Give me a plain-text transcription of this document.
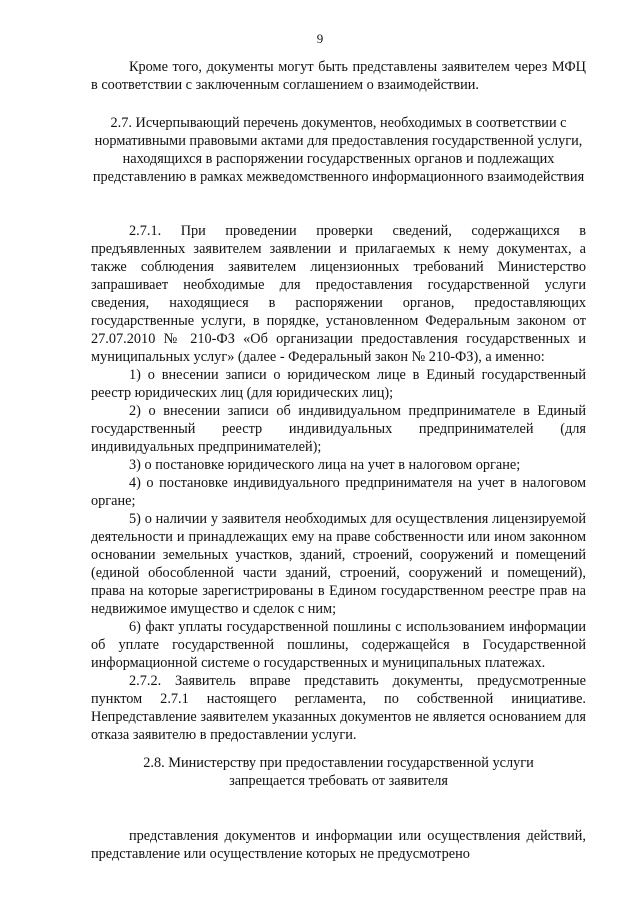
9

Кроме того, документы могут быть представлены заявителем через МФЦ в соответствии с заключенным соглашением о взаимодействии.

2.7. Исчерпывающий перечень документов, необходимых в соответствии с нормативными правовыми актами для предоставления государственной услуги, находящихся в распоряжении государственных органов и подлежащих представлению в рамках межведомственного информационного взаимодействия

2.7.1. При проведении проверки сведений, содержащихся в предъявленных заявителем заявлении и прилагаемых к нему документах, а также соблюдения заявителем лицензионных требований Министерство запрашивает необходимые для предоставления государственной услуги сведения, находящиеся в распоряжении органов, предоставляющих государственные услуги, в порядке, установленном Федеральным законом от 27.07.2010 № 210-ФЗ «Об организации предоставления государственных и муниципальных услуг» (далее - Федеральный закон № 210-ФЗ), а именно:

1) о внесении записи о юридическом лице в Единый государственный реестр юридических лиц (для юридических лиц);

2) о внесении записи об индивидуальном предпринимателе в Единый государственный реестр индивидуальных предпринимателей (для индивидуальных предпринимателей);

3) о постановке юридического лица на учет в налоговом органе;

4) о постановке индивидуального предпринимателя на учет в налоговом органе;

5) о наличии у заявителя необходимых для осуществления лицензируемой деятельности и принадлежащих ему на праве собственности или ином законном основании земельных участков, зданий, строений, сооружений и помещений (единой обособленной части зданий, строений, сооружений и помещений), права на которые зарегистрированы в Едином государственном реестре прав на недвижимое имущество и сделок с ним;

6) факт уплаты государственной пошлины с использованием информации об уплате государственной пошлины, содержащейся в Государственной информационной системе о государственных и муниципальных платежах.

2.7.2. Заявитель вправе представить документы, предусмотренные пунктом 2.7.1 настоящего регламента, по собственной инициативе. Непредставление заявителем указанных документов не является основанием для отказа заявителю в предоставлении услуги.

2.8. Министерству при предоставлении государственной услуги

запрещается требовать от заявителя

представления документов и информации или осуществления действий, представление или осуществление которых не предусмотрено
